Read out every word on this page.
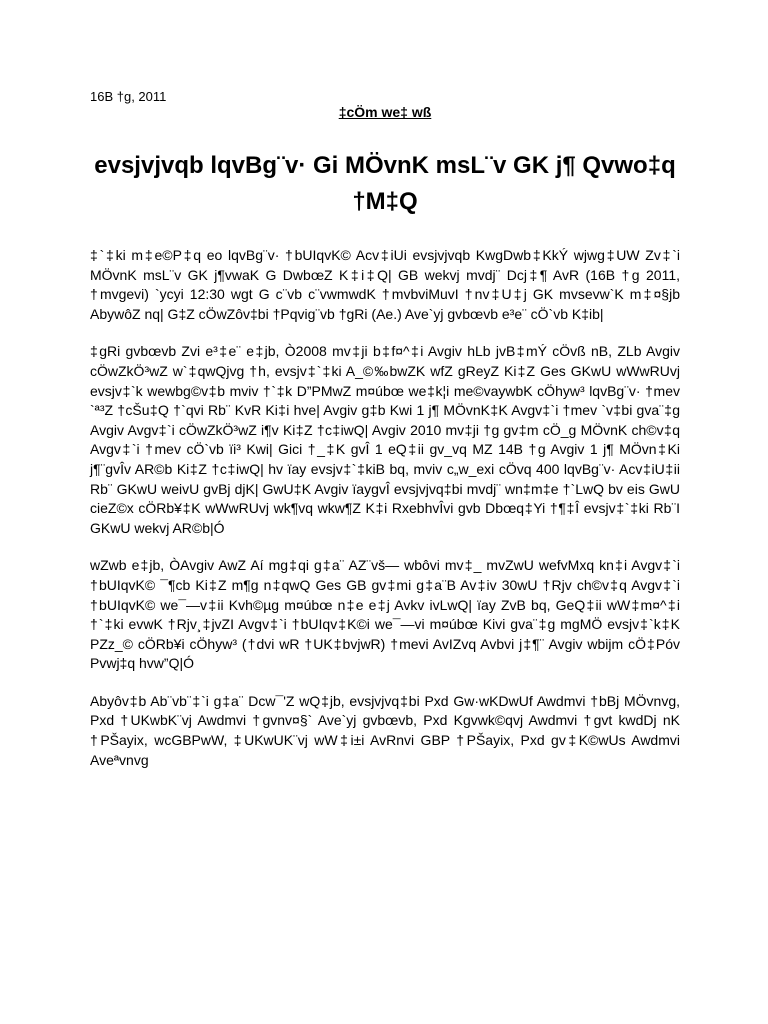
16B †g, 2011

‡cÖm we‡ wß

evsjvjvqb lqvBg¨v· Gi MÖvnK msL¨v GK j¶ Qvwo‡q †M‡Q

‡`‡ki m‡e©P‡q eo lqvBg¨v· †bUIqvK© Acv‡iUi evsjvjvqb KwgDwb‡KkÝ wjwg‡UW Zv‡`i MÖvnK msL¨v GK j¶vwaK G DwbœZ K‡i‡Q| GB wekvj mvdj¨ Dcj‡¶ AvR (16B †g 2011, †mvgevi) `ycyi 12:30 wgt G c¨vb c¨vwmwdK †mvbviMuvI †nv‡U‡j GK mvsevw`K m‡¤§jb AbywôZ nq| G‡Z cÖwZôv‡bi †Pqvig¨vb †gRi (Ae.) Ave`yj gvbœvb e³e¨ cÖ`vb K‡ib|

‡gRi gvbœvb Zvi e³‡e¨ e‡jb, Ò2008 mv‡ji b‡f¤^‡i Avgiv hLb jvB‡mÝ cÖvß nB, ZLb Avgiv cÖwZkÖ³wZ w`‡qwQjvg †h, evsjv‡`‡ki A_©‰bwZK wfZ gReyZ Ki‡Z Ges GKwU wWwRUvj evsjv‡`k wewbg©v‡b mviv †`‡k D”PMwZ m¤úbœ we‡k¦i me©vaywbK cÖhyw³ lqvBg¨v· †mev `ª³Z †cŠu‡Q †`qvi Rb¨ KvR Ki‡i hve| Avgiv g‡b Kwi 1 j¶ MÖvnK‡K Avgv‡`i †mev `v‡bi gva¨‡g Avgiv Avgv‡`i cÖwZkÖ³wZ i¶v Ki‡Z †c‡iwQ| Avgiv 2010 mv‡ji †g gv‡m cÖ_g MÖvnK ch©v‡q Avgv‡`i †mev cÖ`vb ïi³ Kwi| Gici †_‡K gvÎ 1 eQ‡ii gv_vq MZ 14B †g Avgiv 1 j¶ MÖvn‡Ki j¶¨gvÎv AR©b Ki‡Z †c‡iwQ| hv ïay evsjv‡`‡kiB bq, mviv c„w_exi cÖvq 400 lqvBg¨v· Acv‡iU‡ii Rb¨ GKwU weivU gvBj djK| GwU‡K Avgiv ïaygvÎ evsjvjvq‡bi mvdj¨ wn‡m‡e †`LwQ bv eis GwU cieZ©x cÖRb¥‡K wWwRUvj wk¶vq wkw¶Z K‡i RxebhvÎvi gvb Dbœq‡Yi †¶‡Î evsjv‡`‡ki Rb¨I GKwU wekvj AR©b|Ó

wZwb e‡jb, ÒAvgiv AwZ Aí mg‡qi g‡a¨ AZ¨vš— wbôvi mv‡_ mvZwU wefvMxq kn‡i Avgv‡`i †bUIqvK© ¯¶cb Ki‡Z m¶g n‡qwQ Ges GB gv‡mi g‡a¨B Av‡iv 30wU †Rjv ch©v‡q Avgv‡`i †bUIqvK© we¯—v‡ii Kvh©µg m¤úbœ n‡e e‡j Avkv ivLwQ| ïay ZvB bq, GeQ‡ii wW‡m¤^‡i †`‡ki evwK †Rjv¸‡jvZI Avgv‡`i †bUIqv‡K©i we¯—vi m¤úbœ Kivi gva¨‡g mgMÖ evsjv‡`k‡K PZz_© cÖRb¥i cÖhyw³ (†dvi wR †UK‡bvjwR) †mevi AvIZvq Avbvi j‡¶¨ Avgiv wbijm cÖ‡Póv Pvwj‡q hvw”Q|Ó

Abyôv‡b Ab¨vb¨‡`i g‡a¨ Dcw¯'Z wQ‡jb, evsjvjvq‡bi Pxd Gw·wKDwUf Awdmvi †bBj MÖvnvg, Pxd †UKwbK¨vj Awdmvi †gvnv¤§` Ave`yj gvbœvb, Pxd Kgvwk©qvj Awdmvi †gvt kwdDj nK †PŠayix, wcGBPwW, ‡UKwUK¨vj wW‡i±i AvRnvi GBP †PŠayix, Pxd gv‡K©wUs Awdmvi Aveªvnvg
